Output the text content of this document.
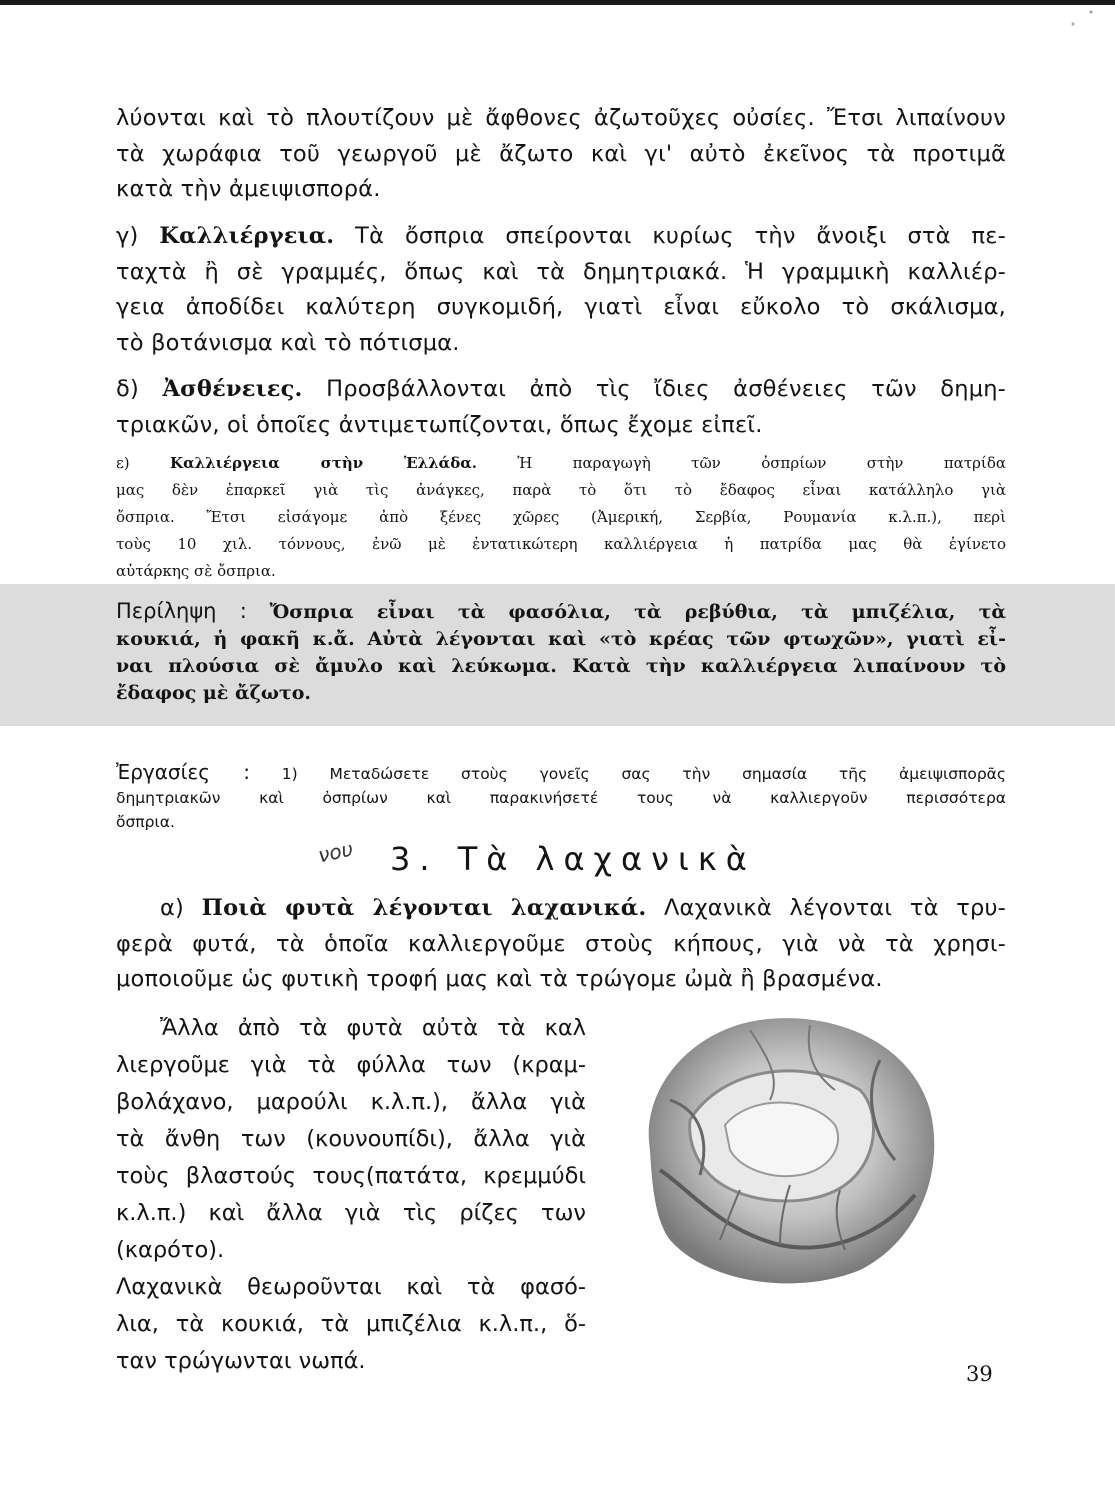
λύονται καὶ τὸ πλουτίζουν μὲ ἄφθονες ἀζωτοῦχες οὐσίες. Ἔτσι λιπαίνουν
τὰ χωράφια τοῦ γεωργοῦ μὲ ἄζωτο καὶ γι' αὐτὸ ἐκεῖνος τὰ προτιμᾶ
κατὰ τὴν ἀμειψισπορά.
γ) Καλλιέργεια. Τὰ ὄσπρια σπείρονται κυρίως τὴν ἄνοιξι στὰ πε-
ταχτὰ ἢ σὲ γραμμές, ὅπως καὶ τὰ δημητριακά. Ἡ γραμμικὴ καλλιέρ-
γεια ἀποδίδει καλύτερη συγκομιδή, γιατὶ εἶναι εὔκολο τὸ σκάλισμα,
τὸ βοτάνισμα καὶ τὸ πότισμα.
δ) Ἀσθένειες. Προσβάλλονται ἀπὸ τὶς ἴδιες ἀσθένειες τῶν δημη-
τριακῶν, οἱ ὁποῖες ἀντιμετωπίζονται, ὅπως ἔχομε εἰπεῖ.
ε)	Καλλιέργεια στὴν Ἑλλάδα.	Ἡ παραγωγὴ τῶν ὀσπρίων στὴν πατρίδα
μας δὲν ἐπαρκεῖ γιὰ τὶς ἀνάγκες, παρὰ τὸ ὅτι τὸ ἔδαφος εἶναι κατάλληλο γιὰ
ὄσπρια. Ἔτσι εἰσάγομε ἀπὸ ξένες χῶρες (Ἀμερική, Σερβία, Ρουμανία κ.λ.π.), περὶ
τοὺς 10 χιλ. τόννους, ἐνῶ μὲ ἐντατικώτερη καλλιέργεια ἡ πατρίδα μας θὰ ἐγίνετο
αὐτάρκης σὲ ὄσπρια.
Περίληψη : Ὄσπρια εἶναι τὰ φασόλια, τὰ ρεβύθια, τὰ μπιζέλια, τὰ
κουκιά, ἡ φακῆ κ.ἄ. Αὐτὰ λέγονται καὶ «τὸ κρέας τῶν φτωχῶν», γιατὶ εἶ-
ναι πλούσια σὲ ἄμυλο καὶ λεύκωμα. Κατὰ τὴν καλλιέργεια λιπαίνουν τὸ
ἔδαφος μὲ ἄζωτο.
Ἐργασίες : 1) Μεταδώσετε στοὺς γονεῖς σας τὴν σημασία τῆς ἀμειψισπορᾶς
δημητριακῶν καὶ ὀσπρίων καὶ παρακινήσετέ τους νὰ καλλιεργοῦν περισσότερα
ὄσπρια.
νου 3. Τὰ λαχανικὰ
α) Ποιὰ φυτὰ λέγονται λαχανικά. Λαχανικὰ λέγονται τὰ τρυ-
φερὰ φυτά, τὰ ὁποῖα καλλιεργοῦμε στοὺς κήπους, γιὰ νὰ τὰ χρησι-
μοποιοῦμε ὡς φυτικὴ τροφή μας καὶ τὰ τρώγομε ὠμὰ ἢ βρασμένα.
Ἄλλα ἀπὸ τὰ φυτὰ αὐτὰ τὰ καλ
λιεργοῦμε γιὰ τὰ φύλλα των (κραμ-
βολάχανο, μαρούλι κ.λ.π.), ἄλλα γιὰ
τὰ ἄνθη των (κουνουπίδι), ἄλλα γιὰ
τοὺς βλαστούς τους(πατάτα, κρεμμύδι
κ.λ.π.) καὶ ἄλλα γιὰ τὶς ρίζες των
(καρότο).
Λαχανικὰ θεωροῦνται καὶ τὰ φασό-
λια, τὰ κουκιά, τὰ μπιζέλια κ.λ.π., ὅ-
ταν τρώγωνται νωπά.	39
